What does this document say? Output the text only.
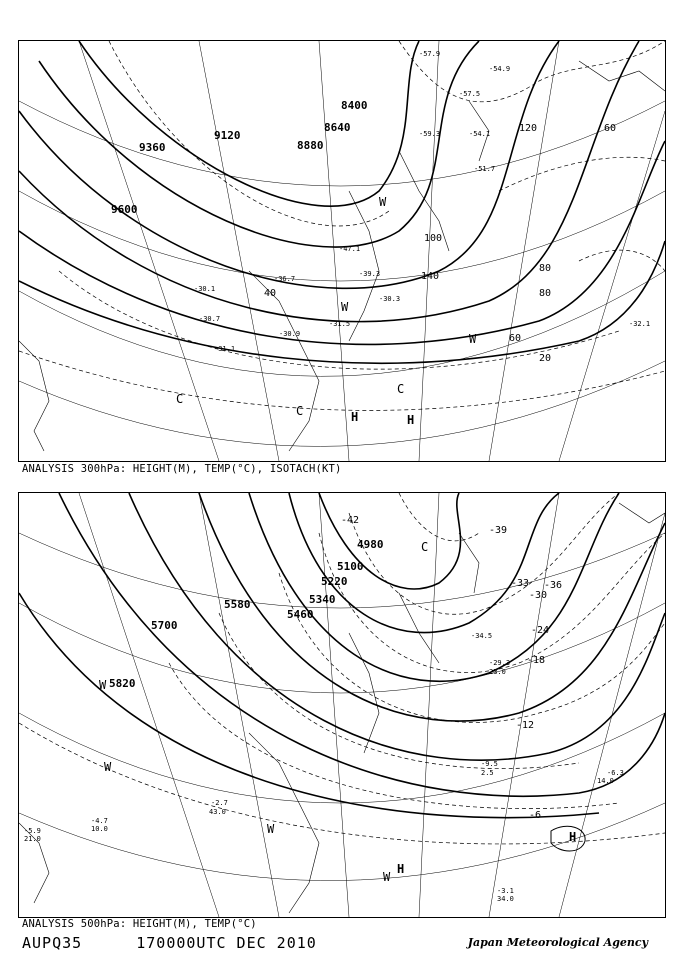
8400
8640
8880
9120
9360
9600
40
60
80
100
120
140
20
60
80
-57.5
-54.1
-51.7
-47.1
-39.3
-36.7
-32.1
-31.5
-30.3
-30.1
-31.1
-30.9
-30.7
-57.9
-59.3
-54.9
C
C
C
H	H
W
W
W
ANALYSIS 300hPa: HEIGHT(M), TEMP(°C), ISOTACH(KT)
4980
5100
5220
5340
5460
5580
5700
5820
-42
-39
-36
-33
-30
-24
-18
-12
-6
-6.3
14.0
-3.1
34.0
-9.5
2.5
-4.7
10.0
-2.7
43.0
-5.9
21.0
-29.3
23.0
-34.5
C
H
H
W
W
W
W
ANALYSIS 500hPa: HEIGHT(M), TEMP(°C)
AUPQ35	170000UTC DEC 2010	Japan Meteorological Agency
